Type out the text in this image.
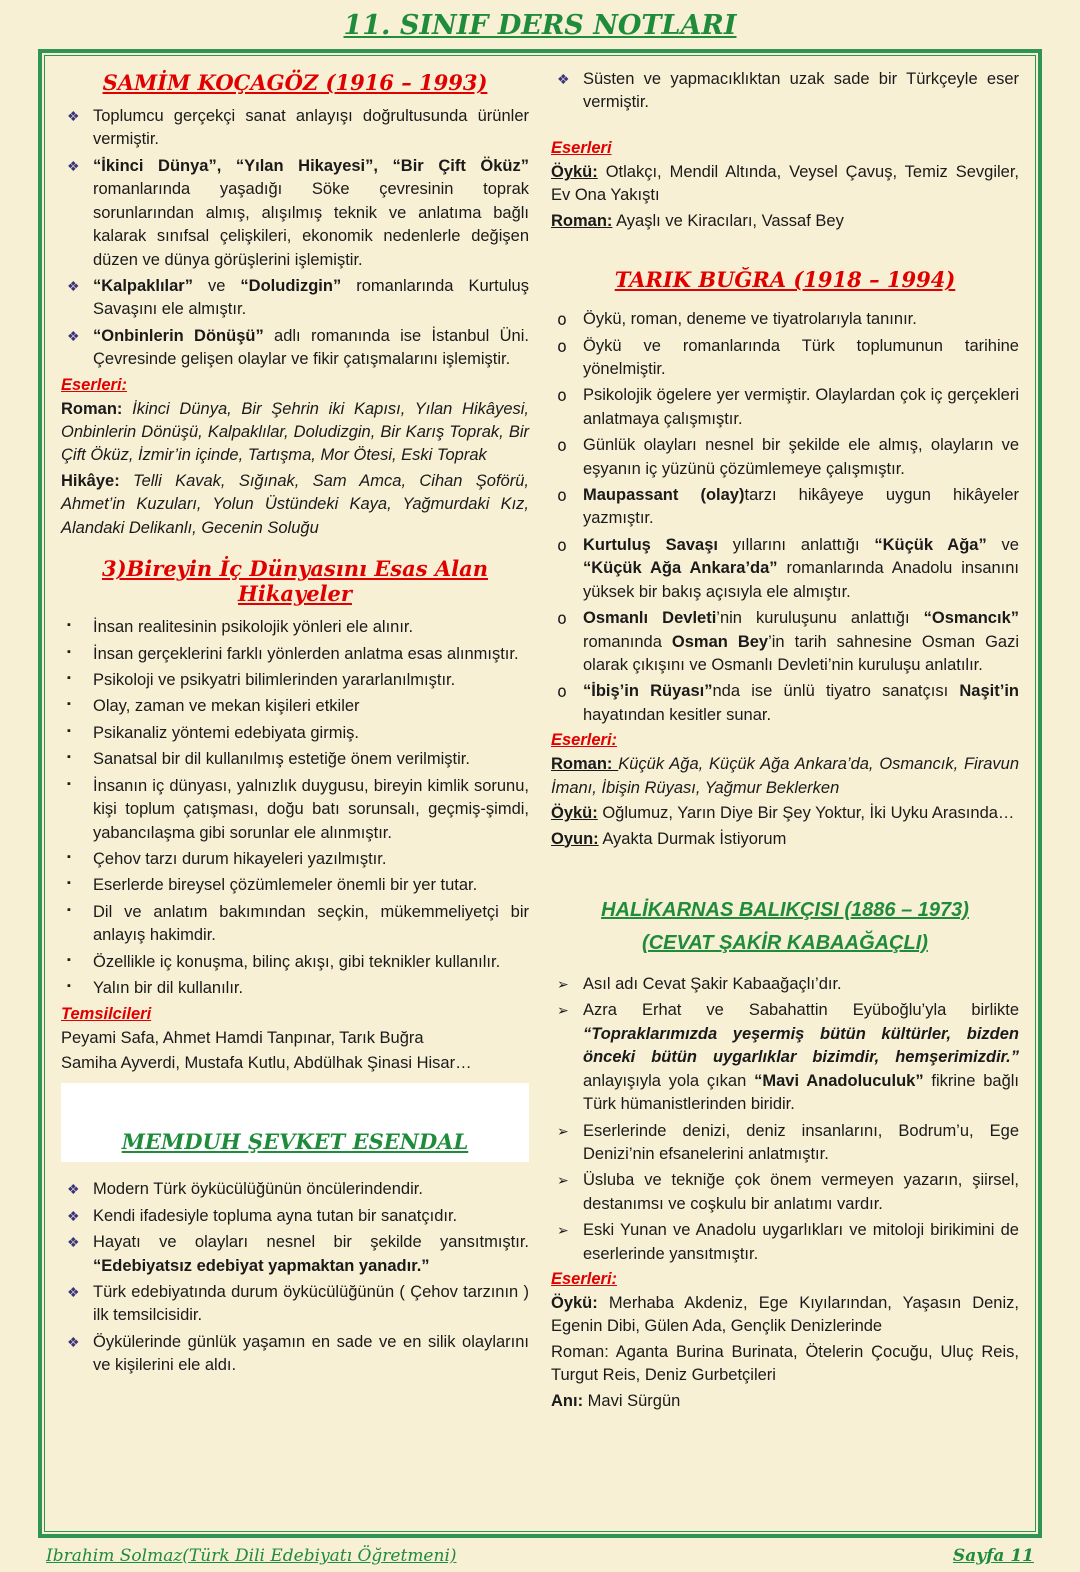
11. SINIF DERS NOTLARI
SAMİM KOÇAGÖZ (1916 – 1993)
❖ Toplumcu gerçekçi sanat anlayışı doğrultusunda ürünler vermiştir.
❖ “İkinci Dünya”, “Yılan Hikayesi”, “Bir Çift Öküz” romanlarında yaşadığı Söke çevresinin toprak sorunlarından almış, alışılmış teknik ve anlatıma bağlı kalarak sınıfsal çelişkileri, ekonomik nedenlerle değişen düzen ve dünya görüşlerini işlemiştir.
❖ “Kalpaklılar” ve “Doludizgin” romanlarında Kurtuluş Savaşını ele almıştır.
❖ “Onbinlerin Dönüşü” adlı romanında ise İstanbul Üni. Çevresinde gelişen olaylar ve fikir çatışmalarını işlemiştir.
Eserleri:
Roman: İkinci Dünya, Bir Şehrin iki Kapısı, Yılan Hikâyesi, Onbinlerin Dönüşü, Kalpaklılar, Doludizgin, Bir Karış Toprak, Bir Çift Öküz, İzmir’in içinde, Tartışma, Mor Ötesi, Eski Toprak
Hikâye: Telli Kavak, Sığınak, Sam Amca, Cihan Şoförü, Ahmet’in Kuzuları, Yolun Üstündeki Kaya, Yağmurdaki Kız, Alandaki Delikanlı, Gecenin Soluğu
3)Bireyin İç Dünyasını Esas Alan Hikayeler
▪	İnsan realitesinin psikolojik yönleri ele alınır.
▪	İnsan gerçeklerini farklı yönlerden anlatma esas alınmıştır.
▪	Psikoloji ve psikyatri bilimlerinden yararlanılmıştır.
▪	Olay, zaman ve mekan kişileri etkiler
▪	Psikanaliz yöntemi edebiyata girmiş.
▪	Sanatsal bir dil kullanılmış estetiğe önem verilmiştir.
▪	İnsanın iç dünyası, yalnızlık duygusu, bireyin kimlik sorunu, kişi toplum çatışması, doğu batı sorunsalı, geçmiş-şimdi, yabancılaşma gibi sorunlar ele alınmıştır.
▪	Çehov tarzı durum hikayeleri yazılmıştır.
▪	Eserlerde bireysel çözümlemeler önemli bir yer tutar.
▪	Dil ve anlatım bakımından seçkin, mükemmeliyetçi bir anlayış hakimdir.
▪	Özellikle iç konuşma, bilinç akışı, gibi teknikler kullanılır.
▪	Yalın bir dil kullanılır.
Temsilcileri
Peyami Safa, Ahmet Hamdi Tanpınar, Tarık Buğra
Samiha Ayverdi, Mustafa Kutlu, Abdülhak Şinasi Hisar…
MEMDUH ŞEVKET ESENDAL
❖ Modern Türk öykücülüğünün öncülerindendir.
❖ Kendi ifadesiyle topluma ayna tutan bir sanatçıdır.
❖ Hayatı ve olayları nesnel bir şekilde yansıtmıştır. “Edebiyatsız edebiyat yapmaktan yanadır.”
❖ Türk edebiyatında durum öykücülüğünün ( Çehov tarzının ) ilk temsilcisidir.
❖ Öykülerinde günlük yaşamın en sade ve en silik olaylarını ve kişilerini ele aldı.
❖ Süsten ve yapmacıklıktan uzak sade bir Türkçeyle eser vermiştir.
Eserleri
Öykü: Otlakçı, Mendil Altında, Veysel Çavuş, Temiz Sevgiler, Ev Ona Yakıştı
Roman: Ayaşlı ve Kiracıları, Vassaf Bey
TARIK BUĞRA (1918 – 1994)
o Öykü, roman, deneme ve tiyatrolarıyla tanınır.
o Öykü ve romanlarında Türk toplumunun tarihine yönelmiştir.
o Psikolojik ögelere yer vermiştir. Olaylardan çok iç gerçekleri anlatmaya çalışmıştır.
o Günlük olayları nesnel bir şekilde ele almış, olayların ve eşyanın iç yüzünü çözümlemeye çalışmıştır.
o Maupassant (olay)tarzı hikâyeye uygun hikâyeler yazmıştır.
o Kurtuluş Savaşı yıllarını anlattığı “Küçük Ağa” ve “Küçük Ağa Ankara’da” romanlarında Anadolu insanını yüksek bir bakış açısıyla ele almıştır.
o Osmanlı Devleti’nin kuruluşunu anlattığı “Osmancık” romanında Osman Bey’in tarih sahnesine Osman Gazi olarak çıkışını ve Osmanlı Devleti’nin kuruluşu anlatılır.
o “İbiş’in Rüyası”nda ise ünlü tiyatro sanatçısı Naşit’in hayatından kesitler sunar.
Eserleri:
Roman: Küçük Ağa, Küçük Ağa Ankara’da, Osmancık, Firavun İmanı, İbişin Rüyası, Yağmur Beklerken
Öykü: Oğlumuz, Yarın Diye Bir Şey Yoktur, İki Uyku Arasında…
Oyun: Ayakta Durmak İstiyorum
HALİKARNAS BALIKÇISI (1886 – 1973)
(CEVAT ŞAKİR KABAAĞAÇLI)
➢ Asıl adı Cevat Şakir Kabaağaçlı’dır.
➢ Azra Erhat ve Sabahattin Eyüboğlu’yla birlikte “Topraklarımızda yeşermiş bütün kültürler, bizden önceki bütün uygarlıklar bizimdir, hemşerimizdir.” anlayışıyla yola çıkan “Mavi Anadoluculuk” fikrine bağlı Türk hümanistlerinden biridir.
➢ Eserlerinde denizi, deniz insanlarını, Bodrum’u, Ege Denizi’nin efsanelerini anlatmıştır.
➢ Üsluba ve tekniğe çok önem vermeyen yazarın, şiirsel, destanımsı ve coşkulu bir anlatımı vardır.
➢ Eski Yunan ve Anadolu uygarlıkları ve mitoloji birikimini de eserlerinde yansıtmıştır.
Eserleri:
Öykü: Merhaba Akdeniz, Ege Kıyılarından, Yaşasın Deniz, Egenin Dibi, Gülen Ada, Gençlik Denizlerinde
Roman: Aganta Burina Burinata, Ötelerin Çocuğu, Uluç Reis, Turgut Reis, Deniz Gurbetçileri
Anı: Mavi Sürgün
Ibrahim Solmaz(Türk Dili Edebiyatı Öğretmeni)	Sayfa 11
